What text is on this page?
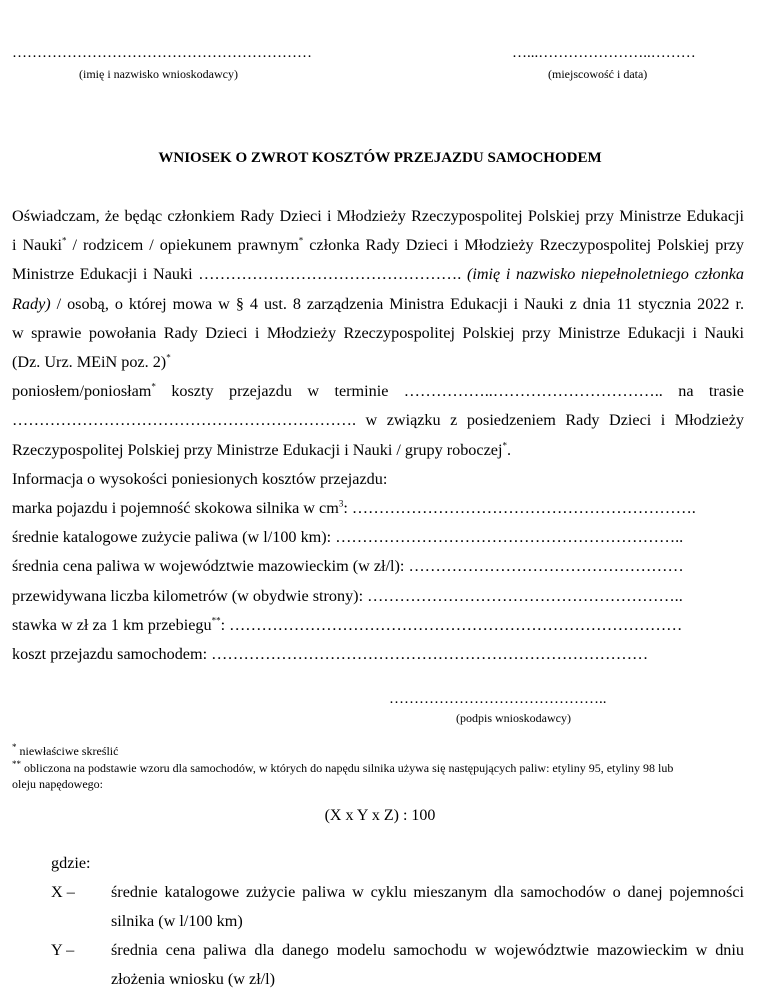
……………………………………………………
(imię i nazwisko wnioskodawcy)
…...…………………..………
(miejscowość i data)
WNIOSEK O ZWROT KOSZTÓW PRZEJAZDU SAMOCHODEM
Oświadczam, że będąc członkiem Rady Dzieci i Młodzieży Rzeczypospolitej Polskiej przy Ministrze Edukacji
i Nauki* / rodzicem / opiekunem prawnym* członka Rady Dzieci i Młodzieży Rzeczypospolitej Polskiej przy
Ministrze Edukacji i Nauki …………………………………………. (imię i nazwisko niepełnoletniego członka
Rady) / osobą, o której mowa w § 4 ust. 8 zarządzenia Ministra Edukacji i Nauki z dnia 11 stycznia 2022 r.
w sprawie powołania Rady Dzieci i Młodzieży Rzeczypospolitej Polskiej przy Ministrze Edukacji i Nauki
(Dz. Urz. MEiN poz. 2)*
poniosłem/poniosłam* koszty przejazdu w terminie ……………..………………………….. na trasie
………………………………………………………. w związku z posiedzeniem Rady Dzieci i Młodzieży
Rzeczypospolitej Polskiej przy Ministrze Edukacji i Nauki / grupy roboczej*.
Informacja o wysokości poniesionych kosztów przejazdu:
marka pojazdu i pojemność skokowa silnika w $cm^3$: ……………………………………………………….
średnie katalogowe zużycie paliwa (w l/100 km): ………………………………………………………..
średnia cena paliwa w województwie mazowieckim (w zł/l): ……………………………………………
przewidywana liczba kilometrów (w obydwie strony): …………………………………………………..
stawka w zł za 1 km przebiegu**: …………………………………………………………………………
koszt przejazdu samochodem: ………………………………………………………………………
……………………………………..
(podpis wnioskodawcy)
* niewłaściwe skreślić
** obliczona na podstawie wzoru dla samochodów, w których do napędu silnika używa się następujących paliw: etyliny 95, etyliny 98 lub
oleju napędowego:
(X x Y x Z) : 100
gdzie:
X – średnie katalogowe zużycie paliwa w cyklu mieszanym dla samochodów o danej pojemności
silnika (w l/100 km)
Y – średnia cena paliwa dla danego modelu samochodu w województwie mazowieckim w dniu
złożenia wniosku (w zł/l)
